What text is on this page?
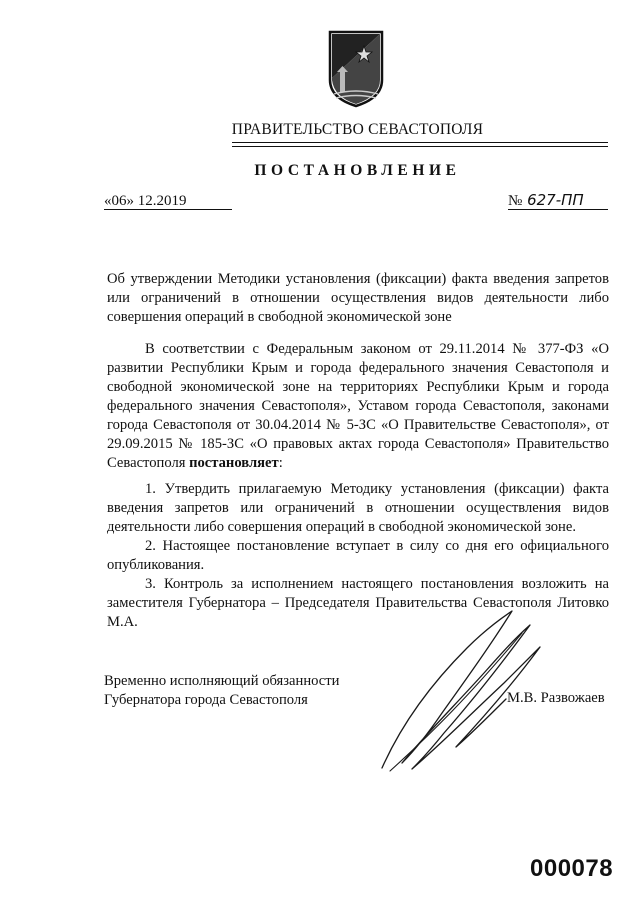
ПРАВИТЕЛЬСТВО СЕВАСТОПОЛЯ
ПОСТАНОВЛЕНИЕ
«06» 12.2019	№ 627-ПП
Об утверждении Методики установления (фиксации) факта введения запретов или ограничений в отношении осуществления видов деятельности либо совершения операций в свободной экономической зоне
В соответствии с Федеральным законом от 29.11.2014 № 377-ФЗ «О развитии Республики Крым и города федерального значения Севастополя и свободной экономической зоне на территориях Республики Крым и города федерального значения Севастополя», Уставом города Севастополя, законами города Севастополя от 30.04.2014 № 5-ЗС «О Правительстве Севастополя», от 29.09.2015 № 185-ЗС «О правовых актах города Севастополя» Правительство Севастополя постановляет:

1. Утвердить прилагаемую Методику установления (фиксации) факта введения запретов или ограничений в отношении осуществления видов деятельности либо совершения операций в свободной экономической зоне.

2. Настоящее постановление вступает в силу со дня его официального опубликования.

3. Контроль за исполнением настоящего постановления возложить на заместителя Губернатора – Председателя Правительства Севастополя Литовко М.А.

Временно исполняющий обязанности
Губернатора города Севастополя	М.В. Развожаев
000078
